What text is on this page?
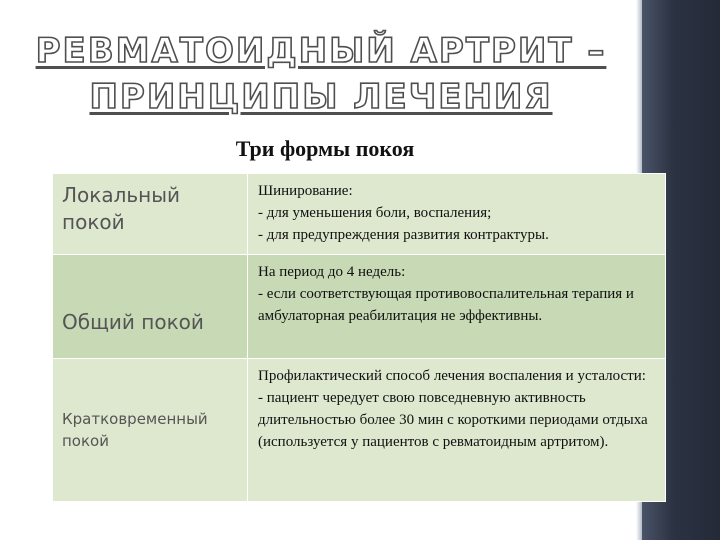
РЕВМАТОИДНЫЙ АРТРИТ –
ПРИНЦИПЫ ЛЕЧЕНИЯ
Три формы покоя
Локальный покой	Шинирование:
- для уменьшения боли, воспаления;
- для предупреждения развития контрактуры.

Общий покой	На период до 4 недель:
- если соответствующая противовоспалительная терапия и амбулаторная реабилитация не эффективны.

Кратковременный покой	Профилактический способ лечения воспаления и усталости:
- пациент чередует свою повседневную активность длительностью более 30 мин с короткими периодами отдыха (используется у пациентов с ревматоидным артритом).
